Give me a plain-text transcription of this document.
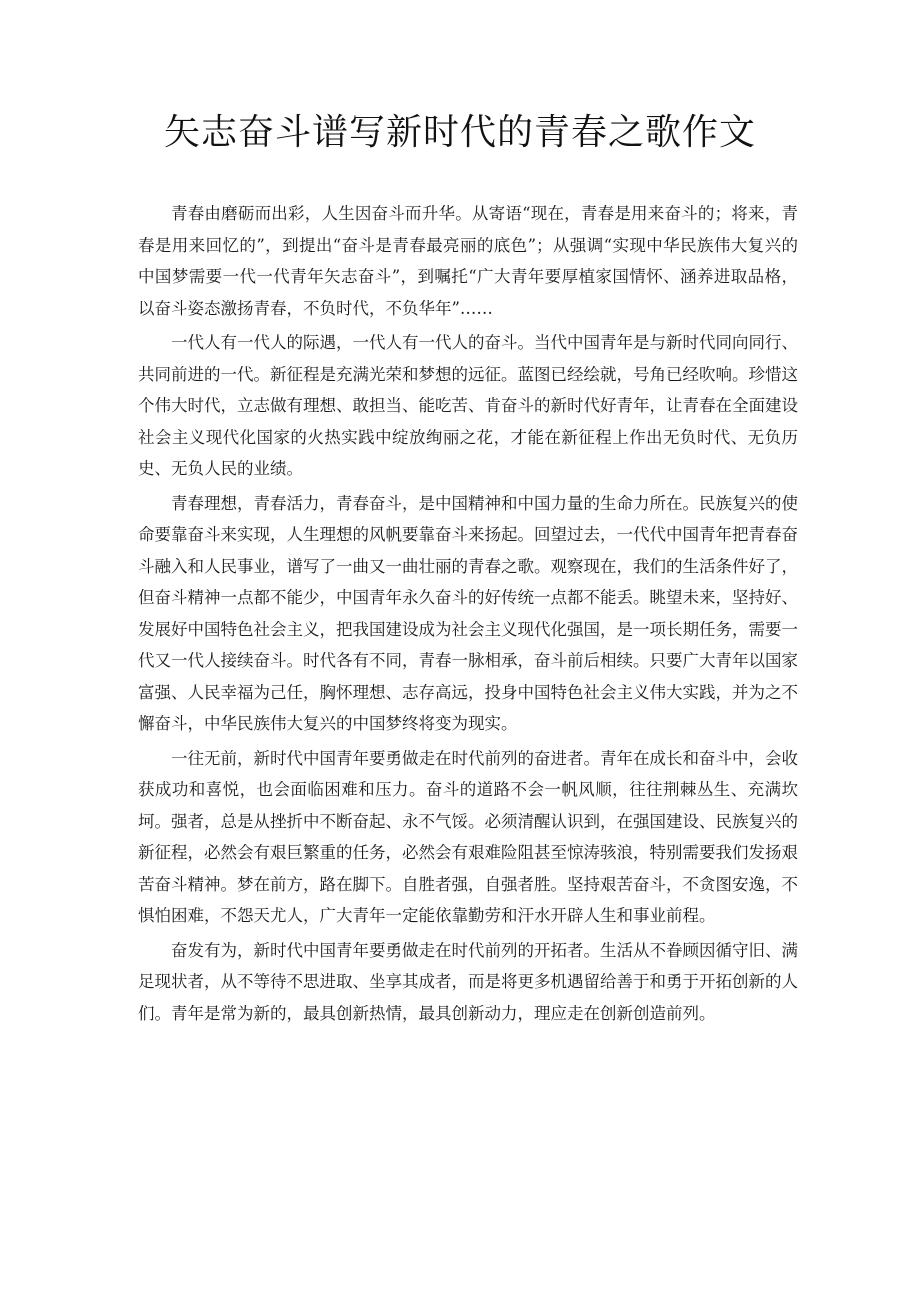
矢志奋斗谱写新时代的青春之歌作文

青春由磨砺而出彩，人生因奋斗而升华。从寄语“现在，青春是用来奋斗的；将来，青春是用来回忆的”，到提出“奋斗是青春最亮丽的底色”；从强调“实现中华民族伟大复兴的中国梦需要一代一代青年矢志奋斗”，到嘱托“广大青年要厚植家国情怀、涵养进取品格，以奋斗姿态激扬青春，不负时代，不负华年”……

一代人有一代人的际遇，一代人有一代人的奋斗。当代中国青年是与新时代同向同行、共同前进的一代。新征程是充满光荣和梦想的远征。蓝图已经绘就，号角已经吹响。珍惜这个伟大时代，立志做有理想、敢担当、能吃苦、肯奋斗的新时代好青年，让青春在全面建设社会主义现代化国家的火热实践中绽放绚丽之花，才能在新征程上作出无负时代、无负历史、无负人民的业绩。

青春理想，青春活力，青春奋斗，是中国精神和中国力量的生命力所在。民族复兴的使命要靠奋斗来实现，人生理想的风帆要靠奋斗来扬起。回望过去，一代代中国青年把青春奋斗融入和人民事业，谱写了一曲又一曲壮丽的青春之歌。观察现在，我们的生活条件好了，但奋斗精神一点都不能少，中国青年永久奋斗的好传统一点都不能丢。眺望未来，坚持好、发展好中国特色社会主义，把我国建设成为社会主义现代化强国，是一项长期任务，需要一代又一代人接续奋斗。时代各有不同，青春一脉相承，奋斗前后相续。只要广大青年以国家富强、人民幸福为己任，胸怀理想、志存高远，投身中国特色社会主义伟大实践，并为之不懈奋斗，中华民族伟大复兴的中国梦终将变为现实。

一往无前，新时代中国青年要勇做走在时代前列的奋进者。青年在成长和奋斗中，会收获成功和喜悦，也会面临困难和压力。奋斗的道路不会一帆风顺，往往荆棘丛生、充满坎坷。强者，总是从挫折中不断奋起、永不气馁。必须清醒认识到，在强国建设、民族复兴的新征程，必然会有艰巨繁重的任务，必然会有艰难险阻甚至惊涛骇浪，特别需要我们发扬艰苦奋斗精神。梦在前方，路在脚下。自胜者强，自强者胜。坚持艰苦奋斗，不贪图安逸，不惧怕困难，不怨天尤人，广大青年一定能依靠勤劳和汗水开辟人生和事业前程。

奋发有为，新时代中国青年要勇做走在时代前列的开拓者。生活从不眷顾因循守旧、满足现状者，从不等待不思进取、坐享其成者，而是将更多机遇留给善于和勇于开拓创新的人们。青年是常为新的，最具创新热情，最具创新动力，理应走在创新创造前列。
